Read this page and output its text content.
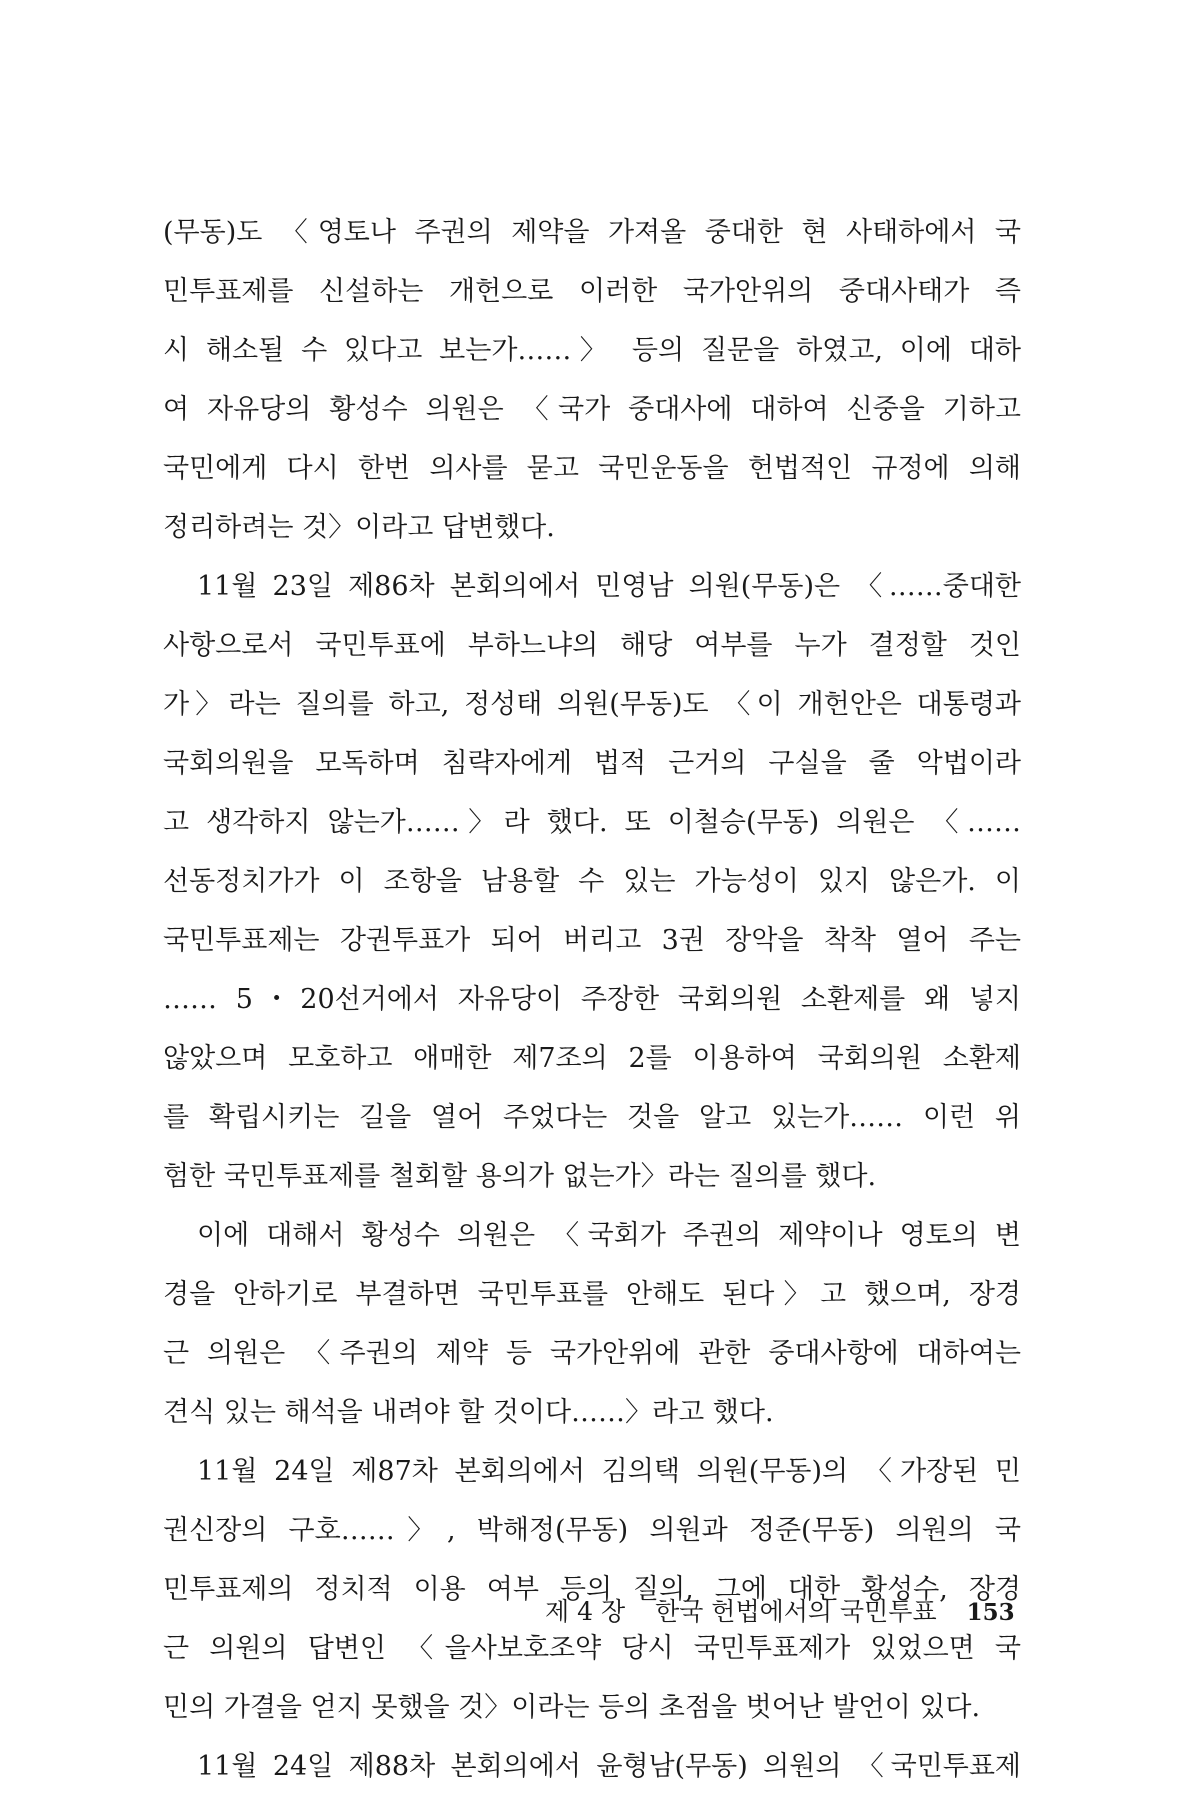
(무동)도 〈영토나 주권의 제약을 가져올 중대한 현 사태하에서 국
민투표제를 신설하는 개헌으로 이러한 국가안위의 중대사태가 즉
시 해소될 수 있다고 보는가……〉 등의 질문을 하였고, 이에 대하
여 자유당의 황성수 의원은 〈국가 중대사에 대하여 신중을 기하고
국민에게 다시 한번 의사를 묻고 국민운동을 헌법적인 규정에 의해
정리하려는 것〉이라고 답변했다.
11월 23일 제86차 본회의에서 민영남 의원(무동)은 〈……중대한
사항으로서 국민투표에 부하느냐의 해당 여부를 누가 결정할 것인
가〉라는 질의를 하고, 정성태 의원(무동)도 〈이 개헌안은 대통령과
국회의원을 모독하며 침략자에게 법적 근거의 구실을 줄 악법이라
고 생각하지 않는가……〉라 했다. 또 이철승(무동) 의원은 〈……
선동정치가가 이 조항을 남용할 수 있는 가능성이 있지 않은가. 이
국민투표제는 강권투표가 되어 버리고 3권 장악을 착착 열어 주는
…… 5・20선거에서 자유당이 주장한 국회의원 소환제를 왜 넣지
않았으며 모호하고 애매한 제7조의 2를 이용하여 국회의원 소환제
를 확립시키는 길을 열어 주었다는 것을 알고 있는가…… 이런 위
험한 국민투표제를 철회할 용의가 없는가〉라는 질의를 했다.
이에 대해서 황성수 의원은 〈국회가 주권의 제약이나 영토의 변
경을 안하기로 부결하면 국민투표를 안해도 된다〉고 했으며, 장경
근 의원은 〈주권의 제약 등 국가안위에 관한 중대사항에 대하여는
견식 있는 해석을 내려야 할 것이다……〉라고 했다.
11월 24일 제87차 본회의에서 김의택 의원(무동)의 〈가장된 민
권신장의 구호……〉, 박해정(무동) 의원과 정준(무동) 의원의 국
민투표제의 정치적 이용 여부 등의 질의, 그에 대한 황성수, 장경
근 의원의 답변인 〈을사보호조약 당시 국민투표제가 있었으면 국
민의 가결을 얻지 못했을 것〉이라는 등의 초점을 벗어난 발언이 있다.
11월 24일 제88차 본회의에서 윤형남(무동) 의원의 〈국민투표제
제 4 장 한국 헌법에서의 국민투표 153
